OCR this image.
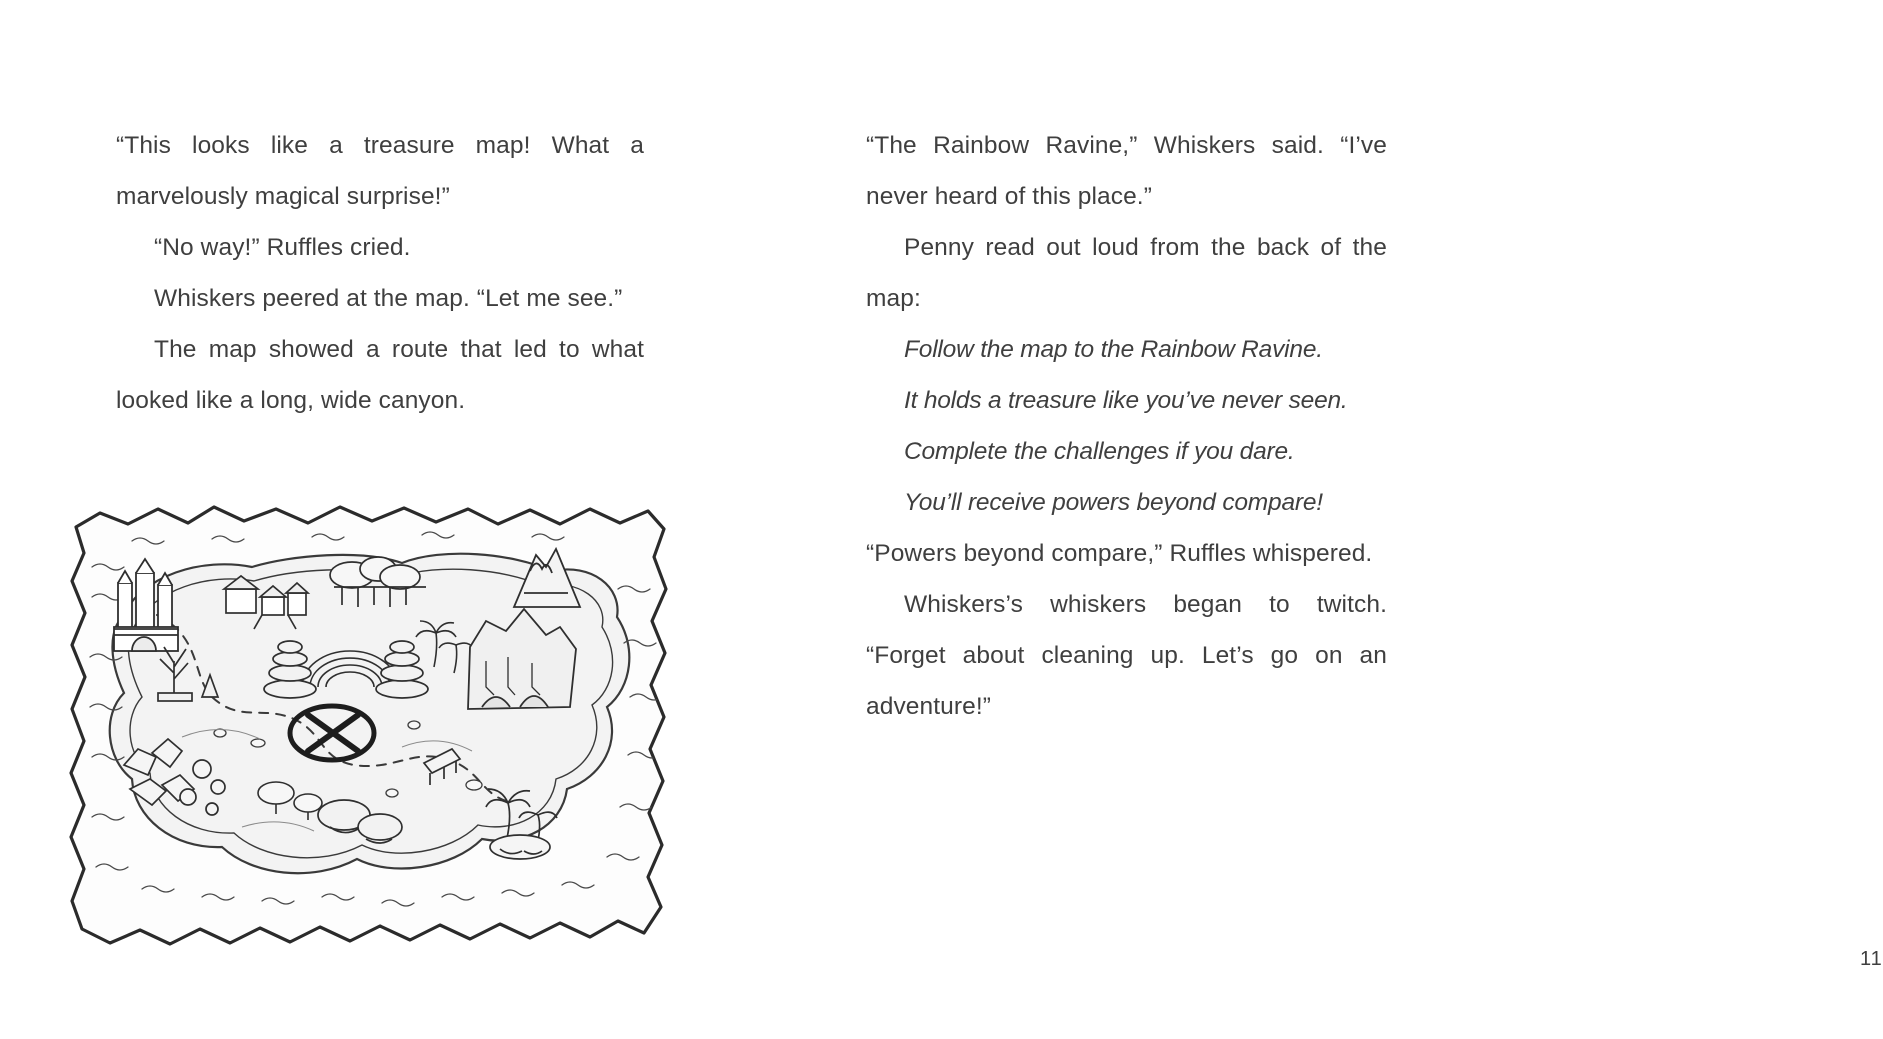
“This looks like a treasure map! What a marvelously magical surprise!”

“No way!” Ruffles cried.

Whiskers peered at the map. “Let me see.”

The map showed a route that led to what looked like a long, wide canyon.

“The Rainbow Ravine,” Whiskers said. “I’ve never heard of this place.”

Penny read out loud from the back of the map:

Follow the map to the Rainbow Ravine.

It holds a treasure like you’ve never seen.

Complete the challenges if you dare.

You’ll receive powers beyond compare!

“Powers beyond compare,” Ruffles whispered.

Whiskers’s whiskers began to twitch. “Forget about cleaning up. Let’s go on an adventure!”

11
